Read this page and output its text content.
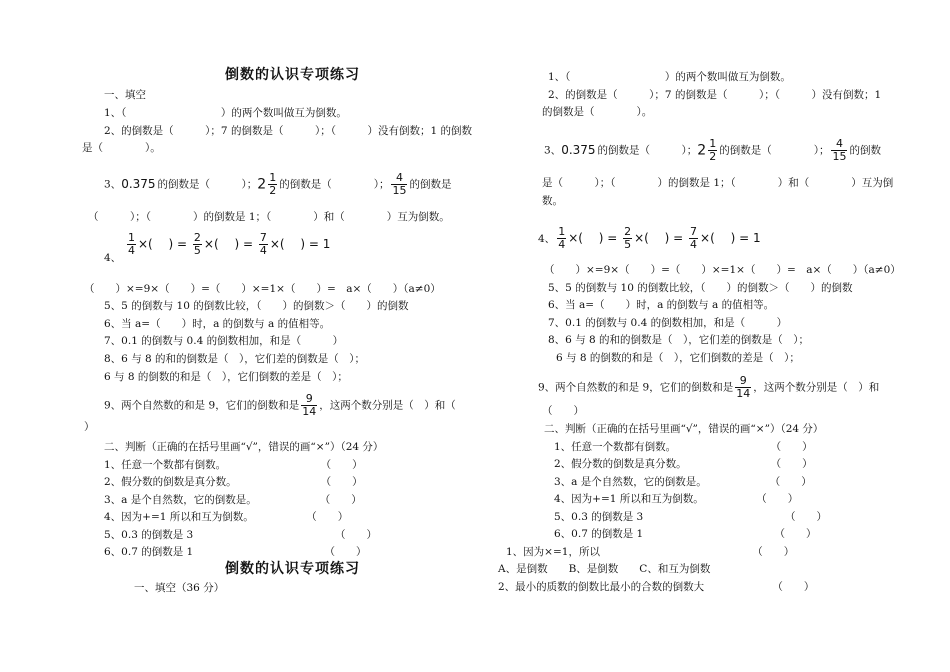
倒数的认识专项练习
一、填空
1、（　　　　　　　　　）的两个数叫做互为倒数。
2、的倒数是（　　　）；7 的倒数是（　　　）；（　　　）没有倒数；1 的倒数
是（　　　　）。
3、0.375 的倒数是（　　　）；$2 \frac{1}{2}$ 的倒数是（　　　　）； $\frac{4}{15}$ 的倒数是
（　　　）；（　　　　）的倒数是 1；（　　　　）和（　　　　）互为倒数。
$\frac{1}{4}$ ×(　 ) = $\frac{2}{5}$ ×(　 ) = $\frac{7}{4}$ ×(　 ) = 1
4、
（　　）×=9×（　　）=（　　）×=1×（　　）=　a×（　　）（a≠0）
5、5 的倒数与 10 的倒数比较，（　　）的倒数＞（　　）的倒数
6、当 a=（　　）时，a 的倒数与 a 的值相等。
7、0.1 的倒数与 0.4 的倒数相加，和是（　　　）
8、6 与 8 的和的倒数是（　），它们差的倒数是（　）；
6 与 8 的倒数的和是（　），它们倒数的差是（　）；
9、两个自然数的和是 9，它们的倒数和是 $\frac{9}{14}$ ，这两个数分别是（　）和（
）
二、判断（正确的在括号里画“√”，错误的画“×”）（24 分）
1、任意一个数都有倒数。　　　　　　　　　　（　　）
2、假分数的倒数是真分数。　　　　　　　　　（　　）
3、a 是个自然数，它的倒数是。　　　　　　　（　　）
4、因为+=1 所以和互为倒数。　　　　　　（　　）
5、0.3 的倒数是 3　　　　　　　　　　　　　　（　　）
6、0.7 的倒数是 1　　　　　　　　　　　　　（　　）
倒数的认识专项练习
一、填空（36 分）
1、（　　　　　　　　　）的两个数叫做互为倒数。
2、的倒数是（　　　）；7 的倒数是（　　　）；（　　　）没有倒数；1
的倒数是（　　　　）。
3、0.375 的倒数是（　　　）；$2 \frac{1}{2}$ 的倒数是（　　　　）； $\frac{4}{15}$ 的倒数
是（　　　）；（　　　　）的倒数是 1；（　　　　）和（　　　　）互为倒
数。
4、 $\frac{1}{4}$ ×(　 ) = $\frac{2}{5}$ ×(　 ) = $\frac{7}{4}$ ×(　 ) = 1
（　　）×=9×（　　）=（　　）×=1×（　　）=　a×（　　）（a≠0）
5、5 的倒数与 10 的倒数比较，（　　）的倒数＞（　　）的倒数
6、当 a=（　　）时，a 的倒数与 a 的值相等。
7、0.1 的倒数与 0.4 的倒数相加，和是（　　　）
8、6 与 8 的和的倒数是（　），它们差的倒数是（　）；
6 与 8 的倒数的和是（　），它们倒数的差是（　）；
9、两个自然数的和是 9，它们的倒数和是 $\frac{9}{14}$ ，这两个数分别是（　）和
（　　）
二、判断（正确的在括号里画“√”，错误的画“×”）（24 分）
1、任意一个数都有倒数。　　　　　　　　　　（　　）
2、假分数的倒数是真分数。　　　　　　　　　（　　）
3、a 是个自然数，它的倒数是。　　　　　　　（　　）
4、因为+=1 所以和互为倒数。　　　　　　（　　）
5、0.3 的倒数是 3　　　　　　　　　　　　　　（　　）
6、0.7 的倒数是 1　　　　　　　　　　　　　（　　）
1、因为×=1，所以　　　　　　　　　　　　　　　（　　）
A、是倒数　　B、是倒数　　C、和互为倒数
2、最小的质数的倒数比最小的合数的倒数大　　　　　　　（　　）
